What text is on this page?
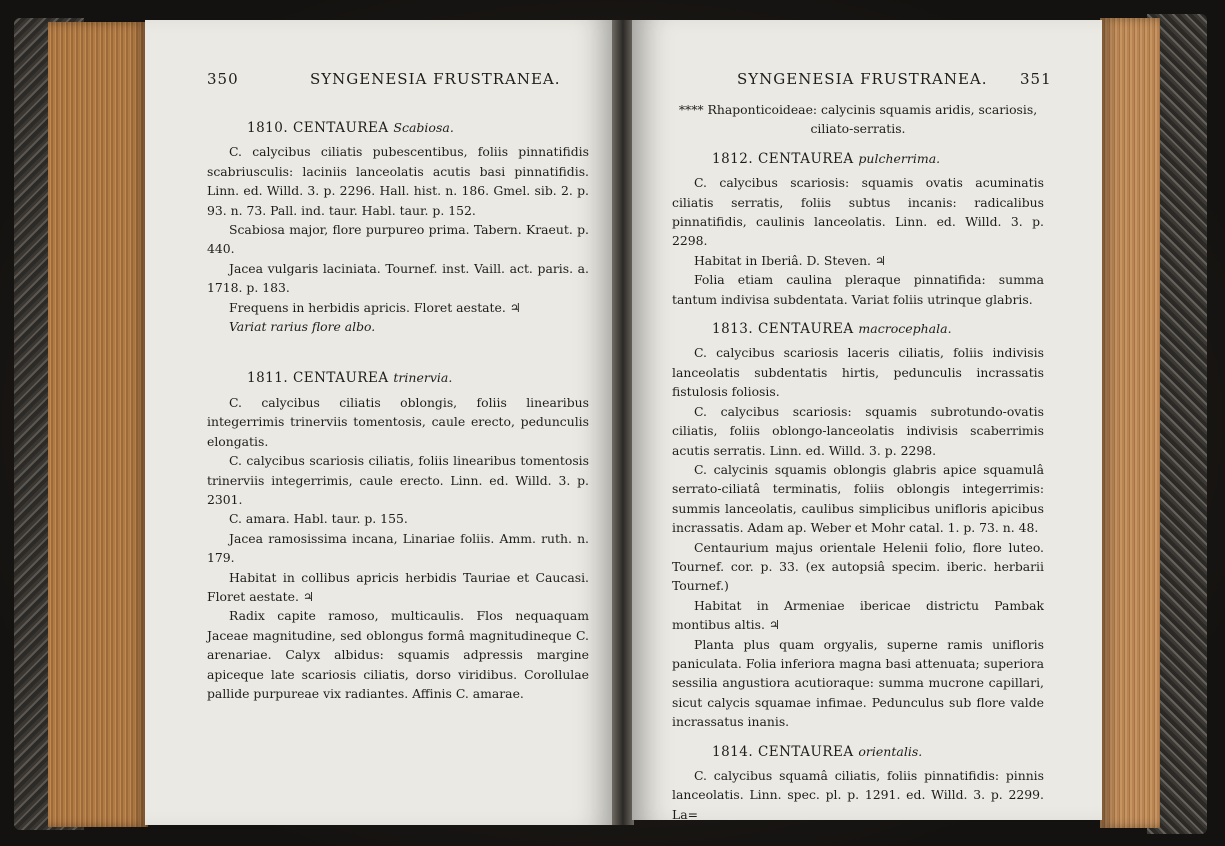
350	SYNGENESIA FRUSTRANEA.

1810. CENTAUREA Scabiosa.

C. calycibus ciliatis pubescentibus, foliis pinnatifidis scabriusculis: laciniis lanceolatis acutis basi pinnatifidis. Linn. ed. Willd. 3. p. 2296. Hall. hist. n. 186. Gmel. sib. 2. p. 93. n. 73. Pall. ind. taur. Habl. taur. p. 152.

Scabiosa major, flore purpureo prima. Tabern. Kraeut. p. 440.

Jacea vulgaris laciniata. Tournef. inst. Vaill. act. paris. a. 1718. p. 183.

Frequens in herbidis apricis. Floret aestate. ♃

Variat rarius flore albo.

1811. CENTAUREA trinervia.

C. calycibus ciliatis oblongis, foliis linearibus integerrimis trinerviis tomentosis, caule erecto, pedunculis elongatis.

C. calycibus scariosis ciliatis, foliis linearibus tomentosis trinerviis integerrimis, caule erecto. Linn. ed. Willd. 3. p. 2301.

C. amara. Habl. taur. p. 155.

Jacea ramosissima incana, Linariae foliis. Amm. ruth. n. 179.

Habitat in collibus apricis herbidis Tauriae et Caucasi. Floret aestate. ♃

Radix capite ramoso, multicaulis. Flos nequaquam Jaceae magnitudine, sed oblongus formâ magnitudineque C. arenariae. Calyx albidus: squamis adpressis margine apiceque late scariosis ciliatis, dorso viridibus. Corollulae pallide purpureae vix radiantes. Affinis C. amarae.

SYNGENESIA FRUSTRANEA. 351

**** Rhaponticoideae: calycinis squamis aridis, scariosis, ciliato-serratis.

1812. CENTAUREA pulcherrima.

C. calycibus scariosis: squamis ovatis acuminatis ciliatis serratis, foliis subtus incanis: radicalibus pinnatifidis, caulinis lanceolatis. Linn. ed. Willd. 3. p. 2298.

Habitat in Iberiâ. D. Steven. ♃

Folia etiam caulina pleraque pinnatifida: summa tantum indivisa subdentata. Variat foliis utrinque glabris.

1813. CENTAUREA macrocephala.

C. calycibus scariosis laceris ciliatis, foliis indivisis lanceolatis subdentatis hirtis, pedunculis incrassatis fistulosis foliosis.

C. calycibus scariosis: squamis subrotundo-ovatis ciliatis, foliis oblongo-lanceolatis indivisis scaberrimis acutis serratis. Linn. ed. Willd. 3. p. 2298.

C. calycinis squamis oblongis glabris apice squamulâ serrato-ciliatâ terminatis, foliis oblongis integerrimis: summis lanceolatis, caulibus simplicibus unifloris apicibus incrassatis. Adam ap. Weber et Mohr catal. 1. p. 73. n. 48.

Centaurium majus orientale Helenii folio, flore luteo. Tournef. cor. p. 33. (ex autopsiâ specim. iberic. herbarii Tournef.)

Habitat in Armeniae ibericae districtu Pambak montibus altis. ♃

Planta plus quam orgyalis, superne ramis unifloris paniculata. Folia inferiora magna basi attenuata; superiora sessilia angustiora acutioraque: summa mucrone capillari, sicut calycis squamae infimae. Pedunculus sub flore valde incrassatus inanis.

1814. CENTAUREA orientalis.

C. calycibus squamâ ciliatis, foliis pinnatifidis: pinnis lanceolatis. Linn. spec. pl. p. 1291. ed. Willd. 3. p. 2299. La=
